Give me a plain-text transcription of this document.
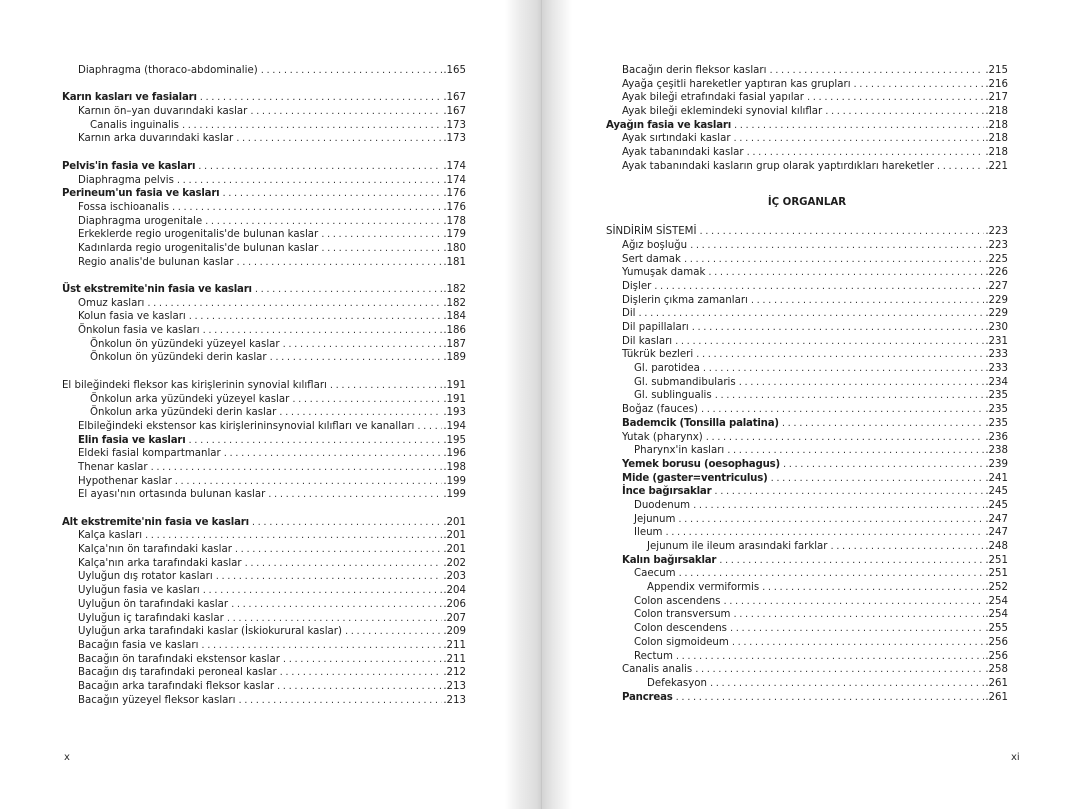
Diaphragma (thoraco-abdominalie) .....	.165
Karın kasları ve fasiaları .....	.167
Karnın ön–yan duvarındaki kaslar .....	.167
Canalis inguinalis .....	.173
Karnın arka duvarındaki kaslar .....	.173
Pelvis'in fasia ve kasları .....	.174
Diaphragma pelvis .....	.174
Perineum'un fasia ve kasları .....	.176
Fossa ischioanalis .....	.176
Diaphragma urogenitale .....	.178
Erkeklerde regio urogenitalis'de bulunan kaslar .....	.179
Kadınlarda regio urogenitalis'de bulunan kaslar .....	.180
Regio analis'de bulunan kaslar .....	.181
Üst ekstremite'nin fasia ve kasları .....	.182
Omuz kasları .....	.182
Kolun fasia ve kasları .....	.184
Önkolun fasia ve kasları .....	.186
Önkolun ön yüzündeki yüzeyel kaslar .....	.187
Önkolun ön yüzündeki derin kaslar .....	.189
El bileğindeki fleksor kas kirişlerinin synovial kılıfları .....	.191
Önkolun arka yüzündeki yüzeyel kaslar .....	.191
Önkolun arka yüzündeki derin kaslar .....	.193
Elbileğindeki ekstensor kas kirişlerininsynovial kılıfları ve kanalları .....	.194
Elin fasia ve kasları .....	.195
Eldeki fasial kompartmanlar .....	.196
Thenar kaslar .....	.198
Hypothenar kaslar .....	.199
El ayası'nın ortasında bulunan kaslar .....	.199
Alt ekstremite'nin fasia ve kasları .....	.201
Kalça kasları .....	.201
Kalça'nın ön tarafındaki kaslar .....	.201
Kalça'nın arka tarafındaki kaslar .....	.202
Uyluğun dış rotator kasları .....	.203
Uyluğun fasia ve kasları .....	.204
Uyluğun ön tarafındaki kaslar .....	.206
Uyluğun iç tarafındaki kaslar .....	.207
Uyluğun arka tarafındaki kaslar (İskiokurural kaslar) .....	.209
Bacağın fasia ve kasları .....	.211
Bacağın ön tarafındaki ekstensor kaslar .....	.211
Bacağın dış tarafındaki peroneal kaslar .....	.212
Bacağın arka tarafındaki fleksor kaslar .....	.213
Bacağın yüzeyel fleksor kasları .....	.213
x
Bacağın derin fleksor kasları .....	.215
Ayağa çeşitli hareketler yaptıran kas grupları .....	.216
Ayak bileği etrafındaki fasial yapılar .....	.217
Ayak bileği eklemindeki synovial kılıflar .....	.218
Ayağın fasia ve kasları .....	.218
Ayak sırtındaki kaslar .....	.218
Ayak tabanındaki kaslar .....	.218
Ayak tabanındaki kasların grup olarak yaptırdıkları hareketler .....	.221
İÇ ORGANLAR
SİNDİRİM SİSTEMİ .....	.223
Ağız boşluğu .....	.223
Sert damak .....	.225
Yumuşak damak .....	.226
Dişler .....	.227
Dişlerin çıkma zamanları .....	.229
Dil .....	.229
Dil papillaları .....	.230
Dil kasları .....	.231
Tükrük bezleri .....	.233
Gl. parotidea .....	.233
Gl. submandibularis .....	.234
Gl. sublingualis .....	.235
Boğaz (fauces) .....	.235
Bademcik (Tonsilla palatina) .....	.235
Yutak (pharynx) .....	.236
Pharynx'in kasları .....	.238
Yemek borusu (oesophagus) .....	.239
Mide (gaster=ventriculus) .....	.241
İnce bağırsaklar .....	.245
Duodenum .....	.245
Jejunum .....	.247
Ileum .....	.247
Jejunum ile ileum arasındaki farklar .....	.248
Kalın bağırsaklar .....	.251
Caecum .....	.251
Appendix vermiformis .....	.252
Colon ascendens .....	.254
Colon transversum .....	.254
Colon descendens .....	.255
Colon sigmoideum .....	.256
Rectum .....	.256
Canalis analis .....	.258
Defekasyon .....	.261
Pancreas .....	.261
xi
